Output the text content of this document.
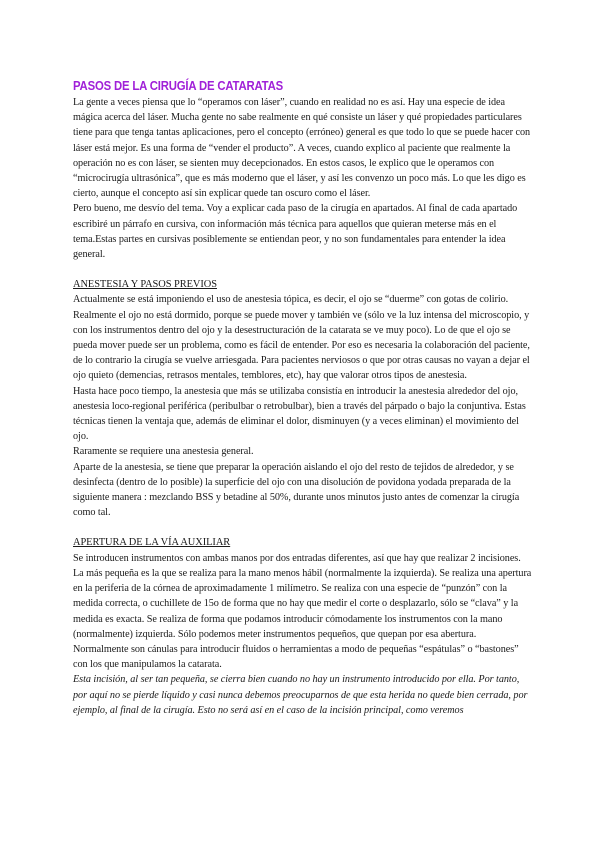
PASOS DE LA CIRUGÍA DE CATARATAS

La gente a veces piensa que lo “operamos con láser”, cuando en realidad no es así. Hay una especie de idea mágica acerca del láser. Mucha gente no sabe realmente en qué consiste un láser y qué propiedades particulares tiene para que tenga tantas aplicaciones, pero el concepto (erróneo) general es que todo lo que se puede hacer con láser está mejor. Es una forma de “vender el producto”. A veces, cuando explico al paciente que realmente la operación no es con láser, se sienten muy decepcionados. En estos casos, le explico que le operamos con “microcirugía ultrasónica”, que es más moderno que el láser, y así les convenzo un poco más. Lo que les digo es cierto, aunque el concepto así sin explicar quede tan oscuro como el láser.

Pero bueno, me desvío del tema. Voy a explicar cada paso de la cirugía en apartados. Al final de cada apartado escribiré un párrafo en cursiva, con información más técnica para aquellos que quieran meterse más en el tema.Estas partes en cursivas posiblemente se entiendan peor, y no son fundamentales para entender la idea general.

ANESTESIA Y PASOS PREVIOS

Actualmente se está imponiendo el uso de anestesia tópica, es decir, el ojo se “duerme” con gotas de colirio. Realmente el ojo no está dormido, porque se puede mover y también ve (sólo ve la luz intensa del microscopio, y con los instrumentos dentro del ojo y la desestructuración de la catarata se ve muy poco). Lo de que el ojo se pueda mover puede ser un problema, como es fácil de entender. Por eso es necesaria la colaboración del paciente, de lo contrario la cirugía se vuelve arriesgada. Para pacientes nerviosos o que por otras causas no vayan a dejar el ojo quieto (demencias, retrasos mentales, temblores, etc), hay que valorar otros tipos de anestesia.

Hasta hace poco tiempo, la anestesia que más se utilizaba consistía en introducir la anestesia alrededor del ojo, anestesia loco-regional periférica (peribulbar o retrobulbar), bien a través del párpado o bajo la conjuntiva. Estas técnicas tienen la ventaja que, además de eliminar el dolor, disminuyen (y a veces eliminan) el movimiento del ojo.

Raramente se requiere una anestesia general.

Aparte de la anestesia, se tiene que preparar la operación aislando el ojo del resto de tejidos de alrededor, y se desinfecta (dentro de lo posible) la superficie del ojo con una disolución de povidona yodada preparada de la siguiente manera : mezclando BSS y betadine al 50%, durante unos minutos justo antes de comenzar la cirugía como tal.

APERTURA DE LA VÍA AUXILIAR

Se introducen instrumentos con ambas manos por dos entradas diferentes, así que hay que realizar 2 incisiones. La más pequeña es la que se realiza para la mano menos hábil (normalmente la izquierda). Se realiza una apertura en la periferia de la córnea de aproximadamente 1 milímetro. Se realiza con una especie de “punzón” con la medida correcta, o cuchillete de 15o de forma que no hay que medir el corte o desplazarlo, sólo se “clava” y la medida es exacta. Se realiza de forma que podamos introducir cómodamente los instrumentos con la mano (normalmente) izquierda. Sólo podemos meter instrumentos pequeños, que quepan por esa abertura. Normalmente son cánulas para introducir fluidos o herramientas a modo de pequeñas “espátulas” o “bastones” con los que manipulamos la catarata.

Esta incisión, al ser tan pequeña, se cierra bien cuando no hay un instrumento introducido por ella. Por tanto, por aquí no se pierde líquido y casi nunca debemos preocuparnos de que esta herida no quede bien cerrada, por ejemplo, al final de la cirugía. Esto no será así en el caso de la incisión principal, como veremos
